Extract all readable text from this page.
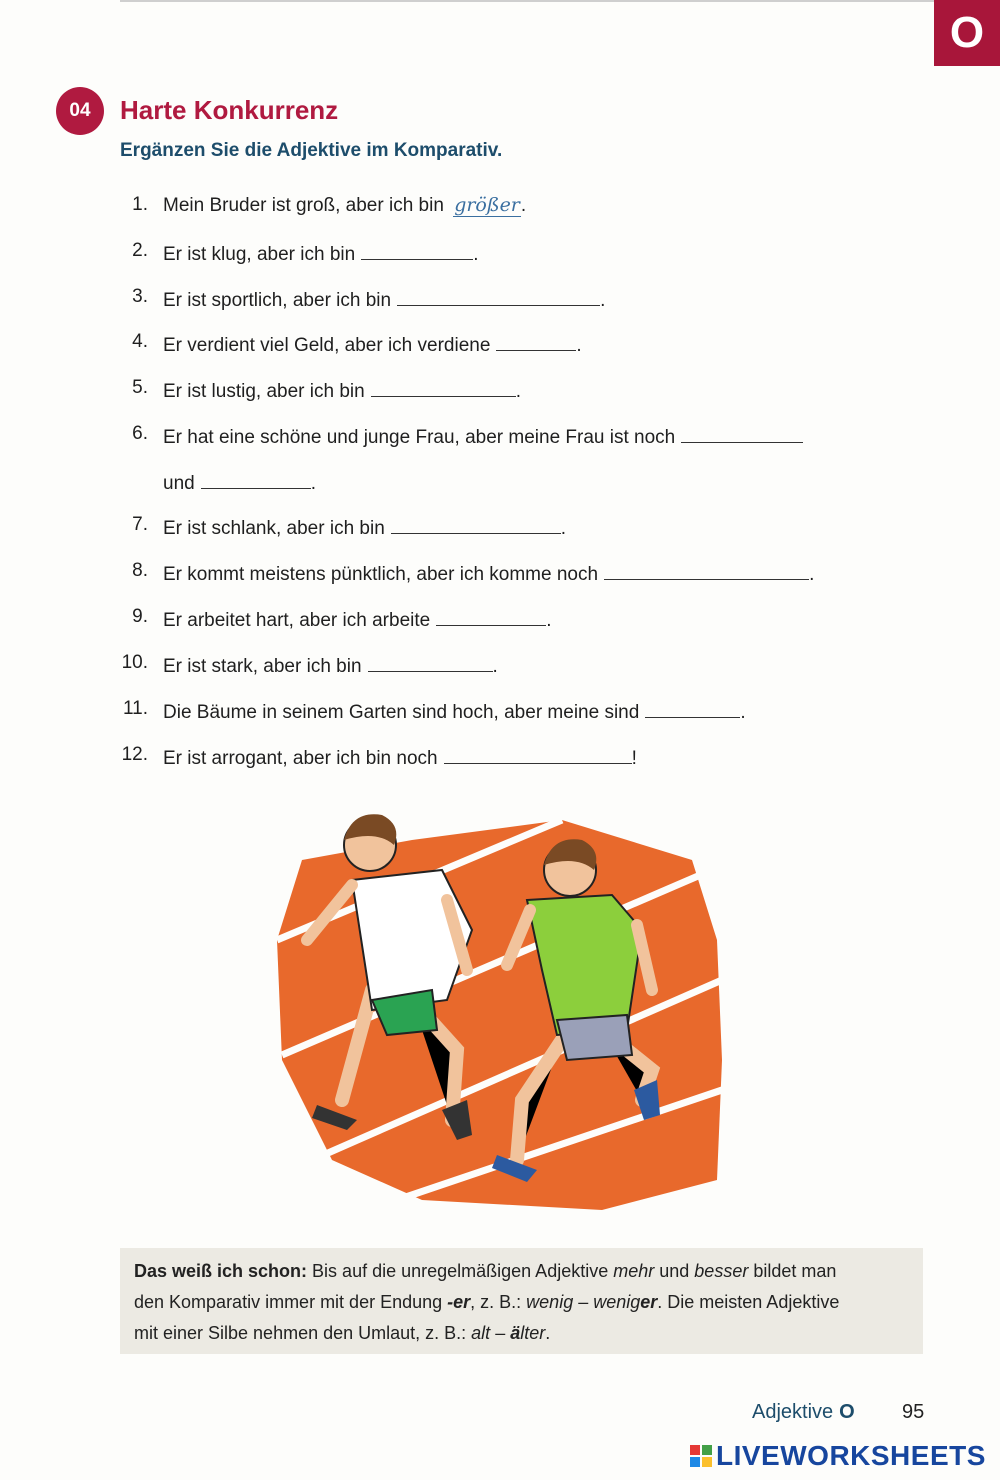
O
04	Harte Konkurrenz
Ergänzen Sie die Adjektive im Komparativ.
1. Mein Bruder ist groß, aber ich bin größer.
2. Er ist klug, aber ich bin	.
3. Er ist sportlich, aber ich bin	.
4. Er verdient viel Geld, aber ich verdiene	.
5. Er ist lustig, aber ich bin	.
6. Er hat eine schöne und junge Frau, aber meine Frau ist noch
und	.
7. Er ist schlank, aber ich bin	.
8. Er kommt meistens pünktlich, aber ich komme noch	.
9. Er arbeitet hart, aber ich arbeite	.
10. Er ist stark, aber ich bin	.
11. Die Bäume in seinem Garten sind hoch, aber meine sind	.
12. Er ist arrogant, aber ich bin noch	!
Das weiß ich schon: Bis auf die unregelmäßigen Adjektive mehr und besser bildet man
den Komparativ immer mit der Endung -er, z. B.: wenig – weniger. Die meisten Adjektive
mit einer Silbe nehmen den Umlaut, z. B.: alt – älter.
Adjektive O 95
LIVEWORKSHEETS
